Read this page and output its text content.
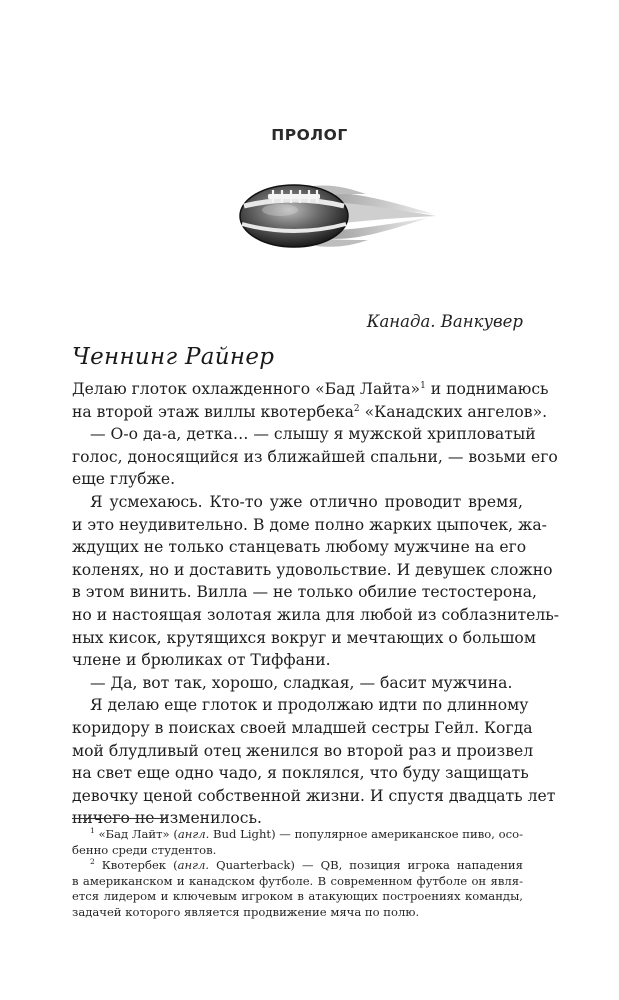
ПРОЛОГ
Канада. Ванкувер
Ченнинг Райнер
Делаю глоток охлажденного «Бад Лайта»$^1$ и поднимаюсь
на второй этаж виллы квотербека$^2$ «Канадских ангелов».
— О-о да-а, детка… — слышу я мужской хрипловатый
голос, доносящийся из ближайшей спальни, — возьми его
еще глубже.
Я усмехаюсь. Кто-то уже отлично проводит время,
и это неудивительно. В доме полно жарких цыпочек, жа-
ждущих не только станцевать любому мужчине на его
коленях, но и доставить удовольствие. И девушек сложно
в этом винить. Вилла — не только обилие тестостерона,
но и настоящая золотая жила для любой из соблазнитель-
ных кисок, крутящихся вокруг и мечтающих о большом
члене и брюликах от Тиффани.
— Да, вот так, хорошо, сладкая, — басит мужчина.
Я делаю еще глоток и продолжаю идти по длинному
коридору в поисках своей младшей сестры Гейл. Когда
мой блудливый отец женился во второй раз и произвел
на свет еще одно чадо, я поклялся, что буду защищать
девочку ценой собственной жизни. И спустя двадцать лет
ничего не изменилось.
$^1$ «Бад Лайт» (англ. Bud Light) — популярное американское пиво, осо-
бенно среди студентов.
$^2$ Квотербек (англ. Quarterback) — QB, позиция игрока нападения
в американском и канадском футболе. В современном футболе он явля-
ется лидером и ключевым игроком в атакующих построениях команды,
задачей которого является продвижение мяча по полю.
